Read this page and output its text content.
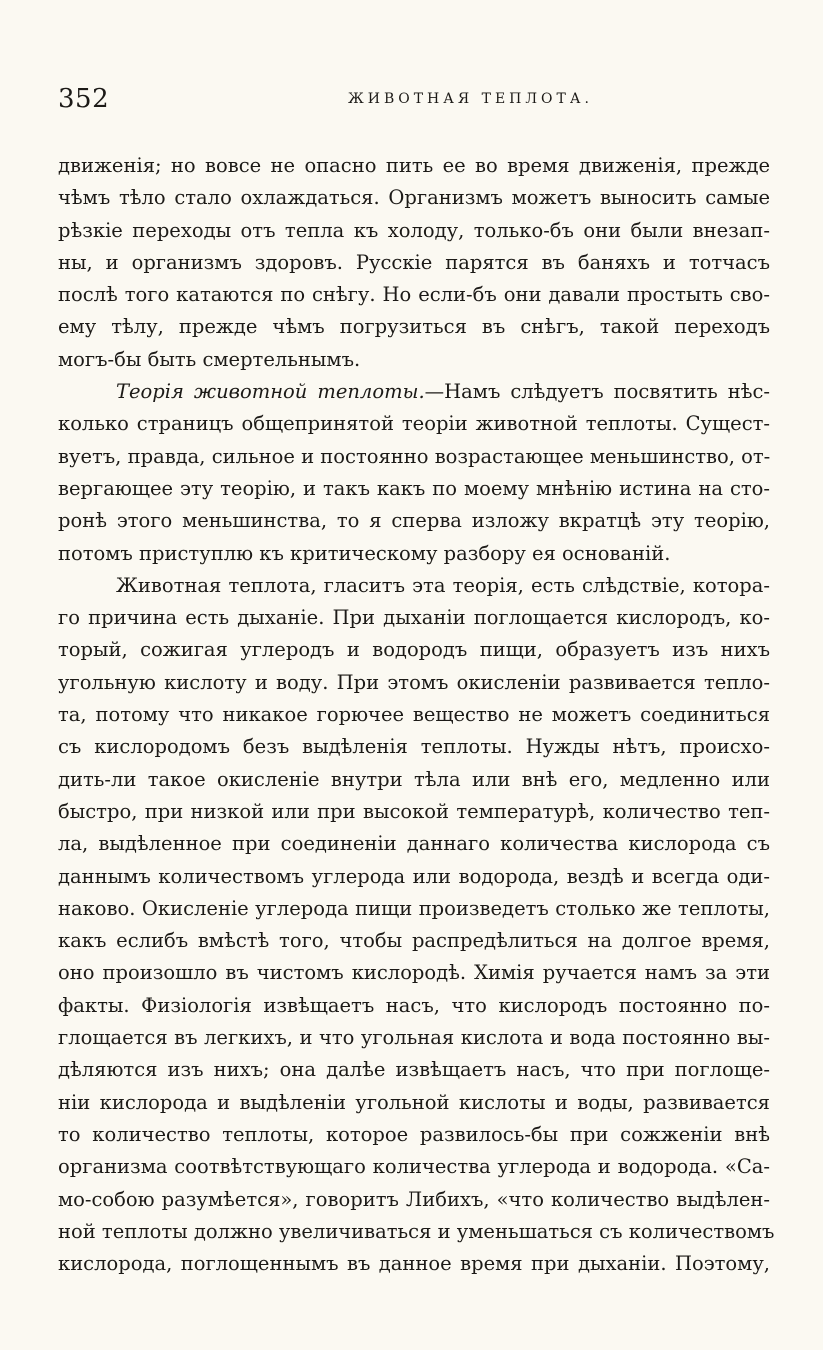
352	ЖИВОТНАЯ ТЕПЛОТА.
движенія; но вовсе не опасно пить ее во время движенія, прежде
чѣмъ тѣло стало охлаждаться. Организмъ можетъ выносить самые
рѣзкіе переходы отъ тепла къ холоду, только-бъ они были внезап-
ны, и организмъ здоровъ. Русскіе парятся въ баняхъ и тотчасъ
послѣ того катаются по снѣгу. Но если-бъ они давали простыть сво-
ему тѣлу, прежде чѣмъ погрузиться въ снѣгъ, такой переходъ
могъ-бы быть смертельнымъ.
Теорія животной теплоты.—Намъ слѣдуетъ посвятить нѣс-
колько страницъ общепринятой теоріи животной теплоты. Сущест-
вуетъ, правда, сильное и постоянно возрастающее меньшинство, от-
вергающее эту теорію, и такъ какъ по моему мнѣнію истина на сто-
ронѣ этого меньшинства, то я сперва изложу вкратцѣ эту теорію,
потомъ приступлю къ критическому разбору ея основаній.
Животная теплота, гласитъ эта теорія, есть слѣдствіе, котора-
го причина есть дыханіе. При дыханіи поглощается кислородъ, ко-
торый, сожигая углеродъ и водородъ пищи, образуетъ изъ нихъ
угольную кислоту и воду. При этомъ окисленіи развивается тепло-
та, потому что никакое горючее вещество не можетъ соединиться
съ кислородомъ безъ выдѣленія теплоты. Нужды нѣтъ, происхо-
дить-ли такое окисленіе внутри тѣла или внѣ его, медленно или
быстро, при низкой или при высокой температурѣ, количество теп-
ла, выдѣленное при соединеніи даннаго количества кислорода съ
даннымъ количествомъ углерода или водорода, вездѣ и всегда оди-
наково. Окисленіе углерода пищи произведетъ столько же теплоты,
какъ еслибъ вмѣстѣ того, чтобы распредѣлиться на долгое время,
оно произошло въ чистомъ кислородѣ. Химія ручается намъ за эти
факты. Физіологія извѣщаетъ насъ, что кислородъ постоянно по-
глощается въ легкихъ, и что угольная кислота и вода постоянно вы-
дѣляются изъ нихъ; она далѣе извѣщаетъ насъ, что при поглоще-
ніи кислорода и выдѣленіи угольной кислоты и воды, развивается
то количество теплоты, которое развилось-бы при сожженіи внѣ
организма соотвѣтствующаго количества углерода и водорода. «Са-
мо-собою разумѣется», говоритъ Либихъ, «что количество выдѣлен-
ной теплоты должно увеличиваться и уменьшаться съ количествомъ
кислорода, поглощеннымъ въ данное время при дыханіи. Поэтому,
